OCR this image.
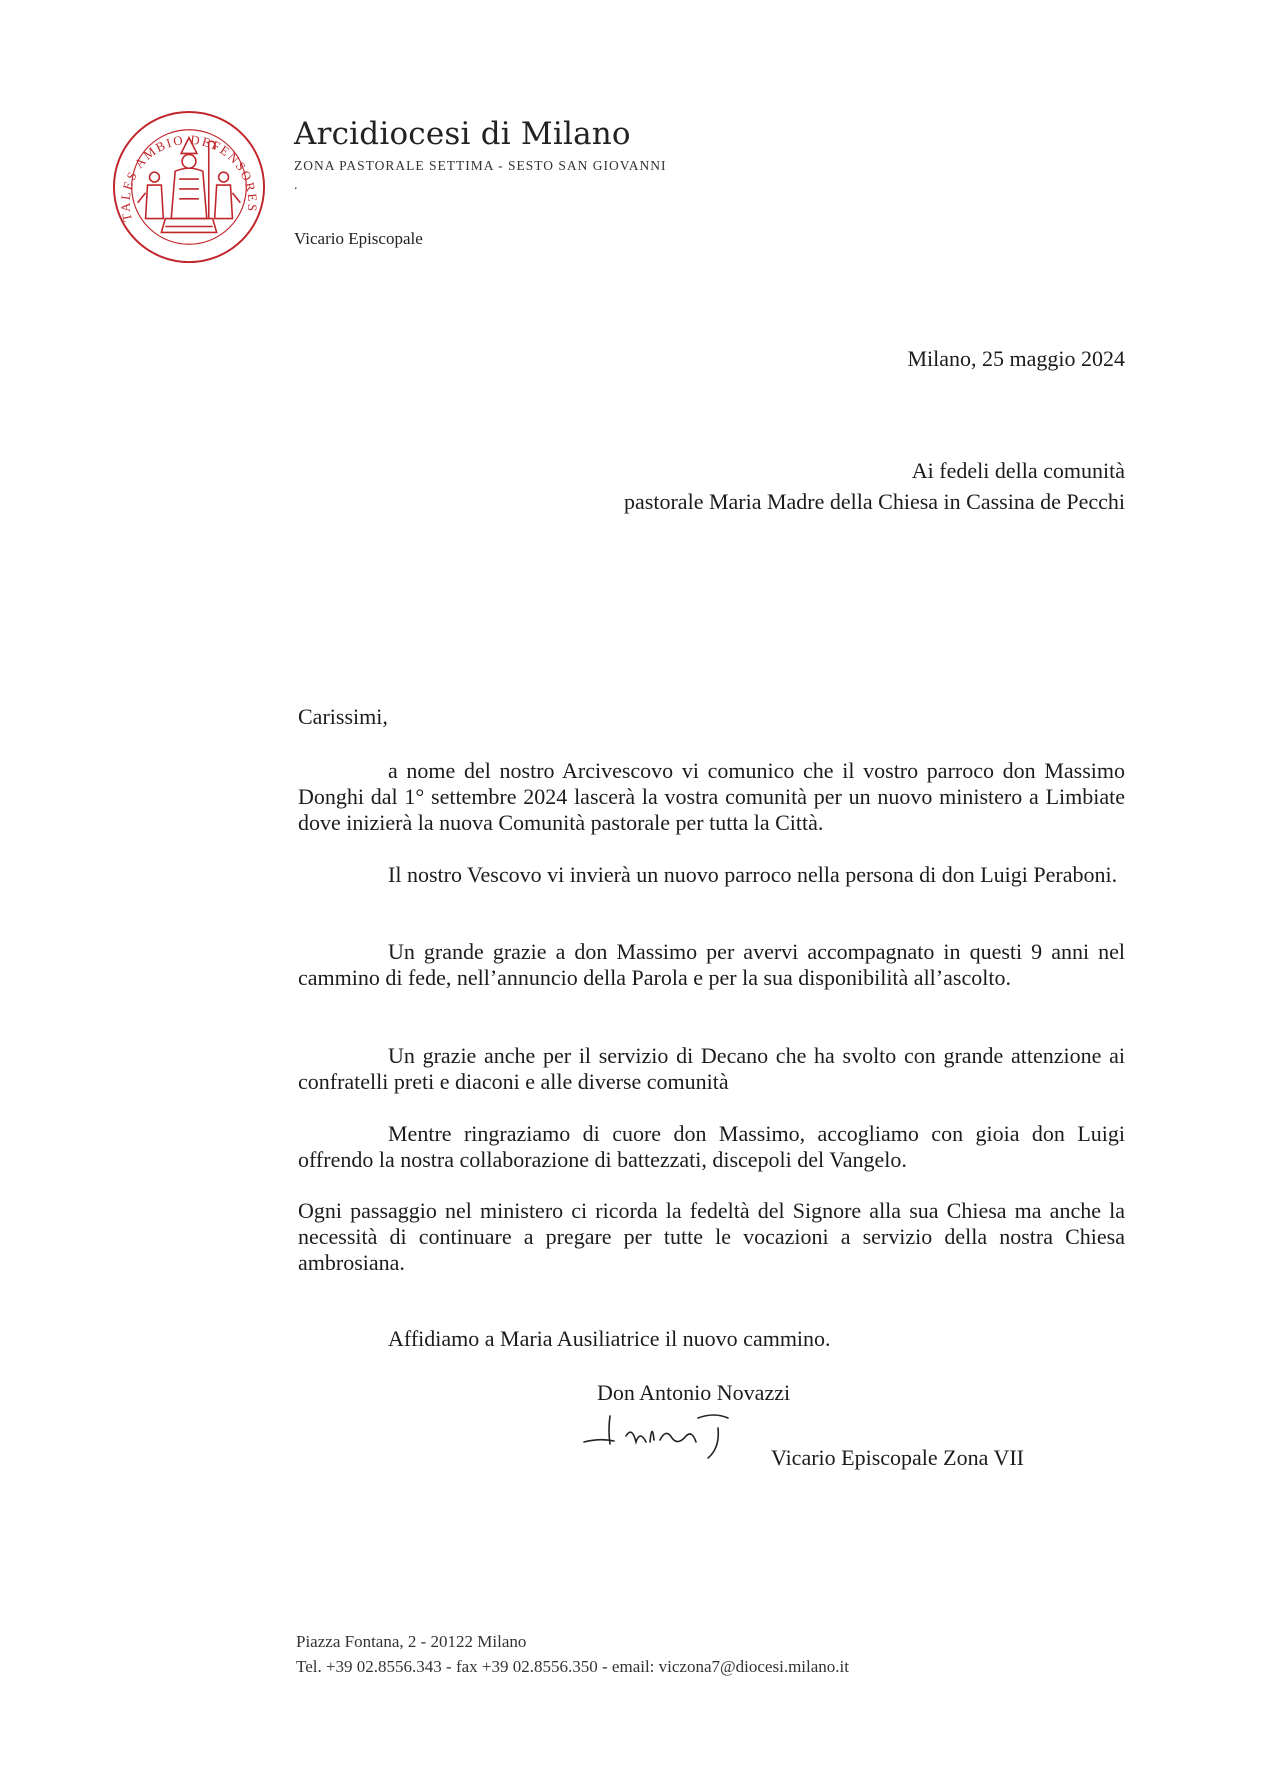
TALES AMBIO DEFENSORES
Arcidiocesi di Milano
ZONA PASTORALE SETTIMA - SESTO SAN GIOVANNI
.
Vicario Episcopale
Milano, 25 maggio 2024
Ai fedeli della comunità
pastorale Maria Madre della Chiesa in Cassina de Pecchi
Carissimi,

a nome del nostro Arcivescovo vi comunico che il vostro parroco don Massimo Donghi dal 1° settembre 2024 lascerà la vostra comunità per un nuovo ministero a Limbiate dove inizierà la nuova Comunità pastorale per tutta la Città.

Il nostro Vescovo vi invierà un nuovo parroco nella persona di don Luigi Peraboni.

Un grande grazie a don Massimo per avervi accompagnato in questi 9 anni nel cammino di fede, nell’annuncio della Parola e per la sua disponibilità all’ascolto.

Un grazie anche per il servizio di Decano che ha svolto con grande attenzione ai confratelli preti e diaconi e alle diverse comunità

Mentre ringraziamo di cuore don Massimo, accogliamo con gioia don Luigi offrendo la nostra collaborazione di battezzati, discepoli del Vangelo.

Ogni passaggio nel ministero ci ricorda la fedeltà del Signore alla sua Chiesa ma anche la necessità di continuare a pregare per tutte le vocazioni a servizio della nostra Chiesa ambrosiana.

Affidiamo a Maria Ausiliatrice il nuovo cammino.
Don Antonio Novazzi
Vicario Episcopale Zona VII
Piazza Fontana, 2 - 20122 Milano
Tel. +39 02.8556.343 - fax +39 02.8556.350 - email: viczona7@diocesi.milano.it
